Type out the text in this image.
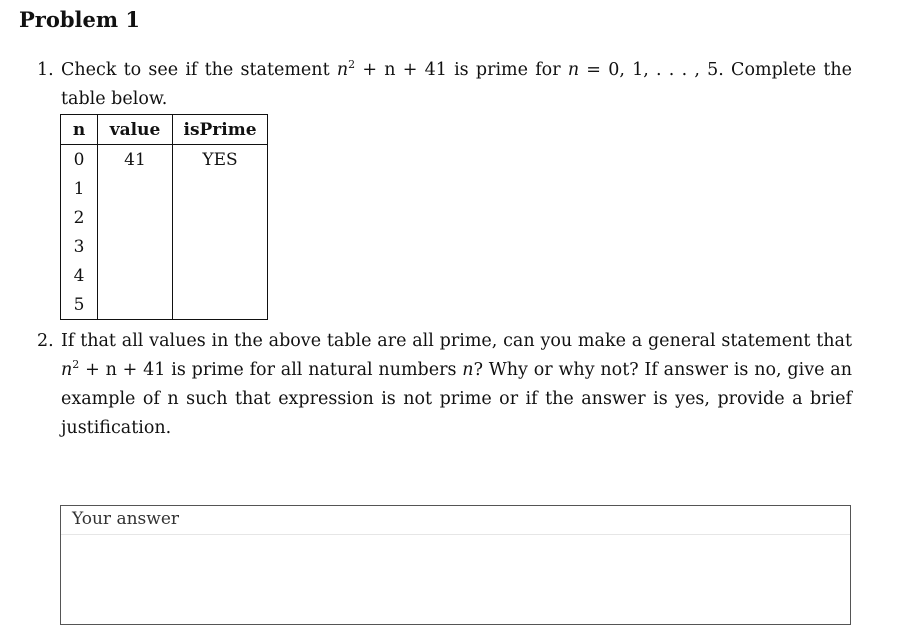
Problem 1
1. Check to see if the statement $n^2 + n + 41$ is prime for n = 0, 1, . . . , 5. Complete the table below.
n	value	isPrime
0	41	YES
1		
2		
3		
4		
5		
2. If that all values in the above table are all prime, can you make a general statement that $n^2 + n + 41$ is prime for all natural numbers n? Why or why not? If answer is no, give an example of n such that expression is not prime or if the answer is yes, provide a brief justification.
Your answer
